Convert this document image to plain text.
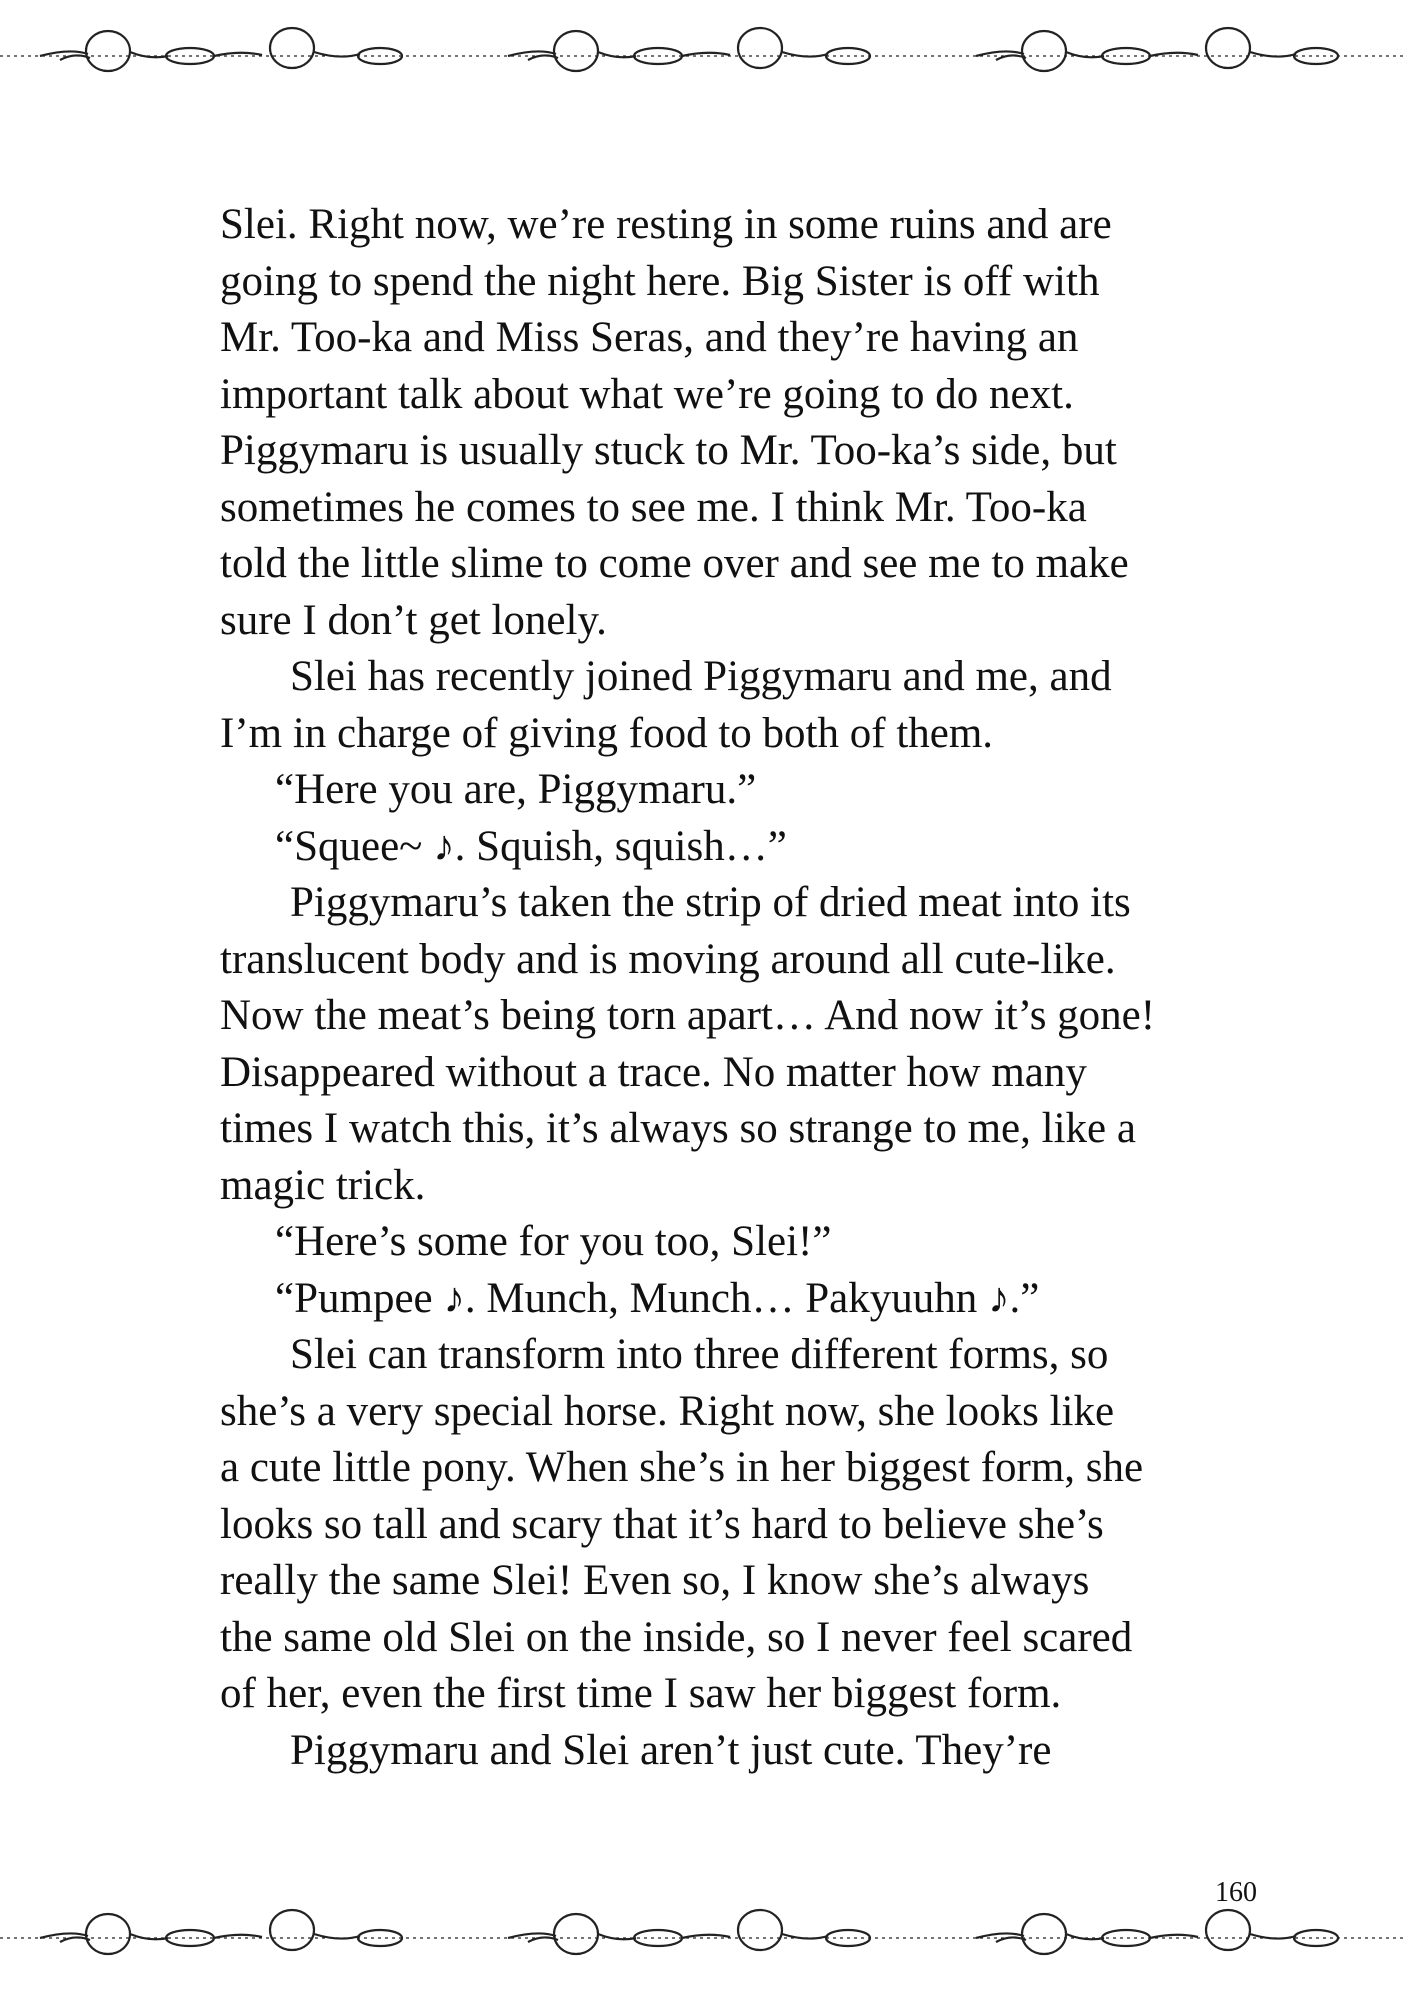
Slei. Right now, we’re resting in some ruins and are
going to spend the night here. Big Sister is off with
Mr. Too-ka and Miss Seras, and they’re having an
important talk about what we’re going to do next.
Piggymaru is usually stuck to Mr. Too-ka’s side, but
sometimes he comes to see me. I think Mr. Too-ka
told the little slime to come over and see me to make
sure I don’t get lonely.
Slei has recently joined Piggymaru and me, and
I’m in charge of giving food to both of them.
“Here you are, Piggymaru.”
“Squee~ ♪. Squish, squish…”
Piggymaru’s taken the strip of dried meat into its
translucent body and is moving around all cute-like.
Now the meat’s being torn apart… And now it’s gone!
Disappeared without a trace. No matter how many
times I watch this, it’s always so strange to me, like a
magic trick.
“Here’s some for you too, Slei!”
“Pumpee ♪. Munch, Munch… Pakyuuhn ♪.”
Slei can transform into three different forms, so
she’s a very special horse. Right now, she looks like
a cute little pony. When she’s in her biggest form, she
looks so tall and scary that it’s hard to believe she’s
really the same Slei! Even so, I know she’s always
the same old Slei on the inside, so I never feel scared
of her, even the first time I saw her biggest form.
Piggymaru and Slei aren’t just cute. They’re
160
